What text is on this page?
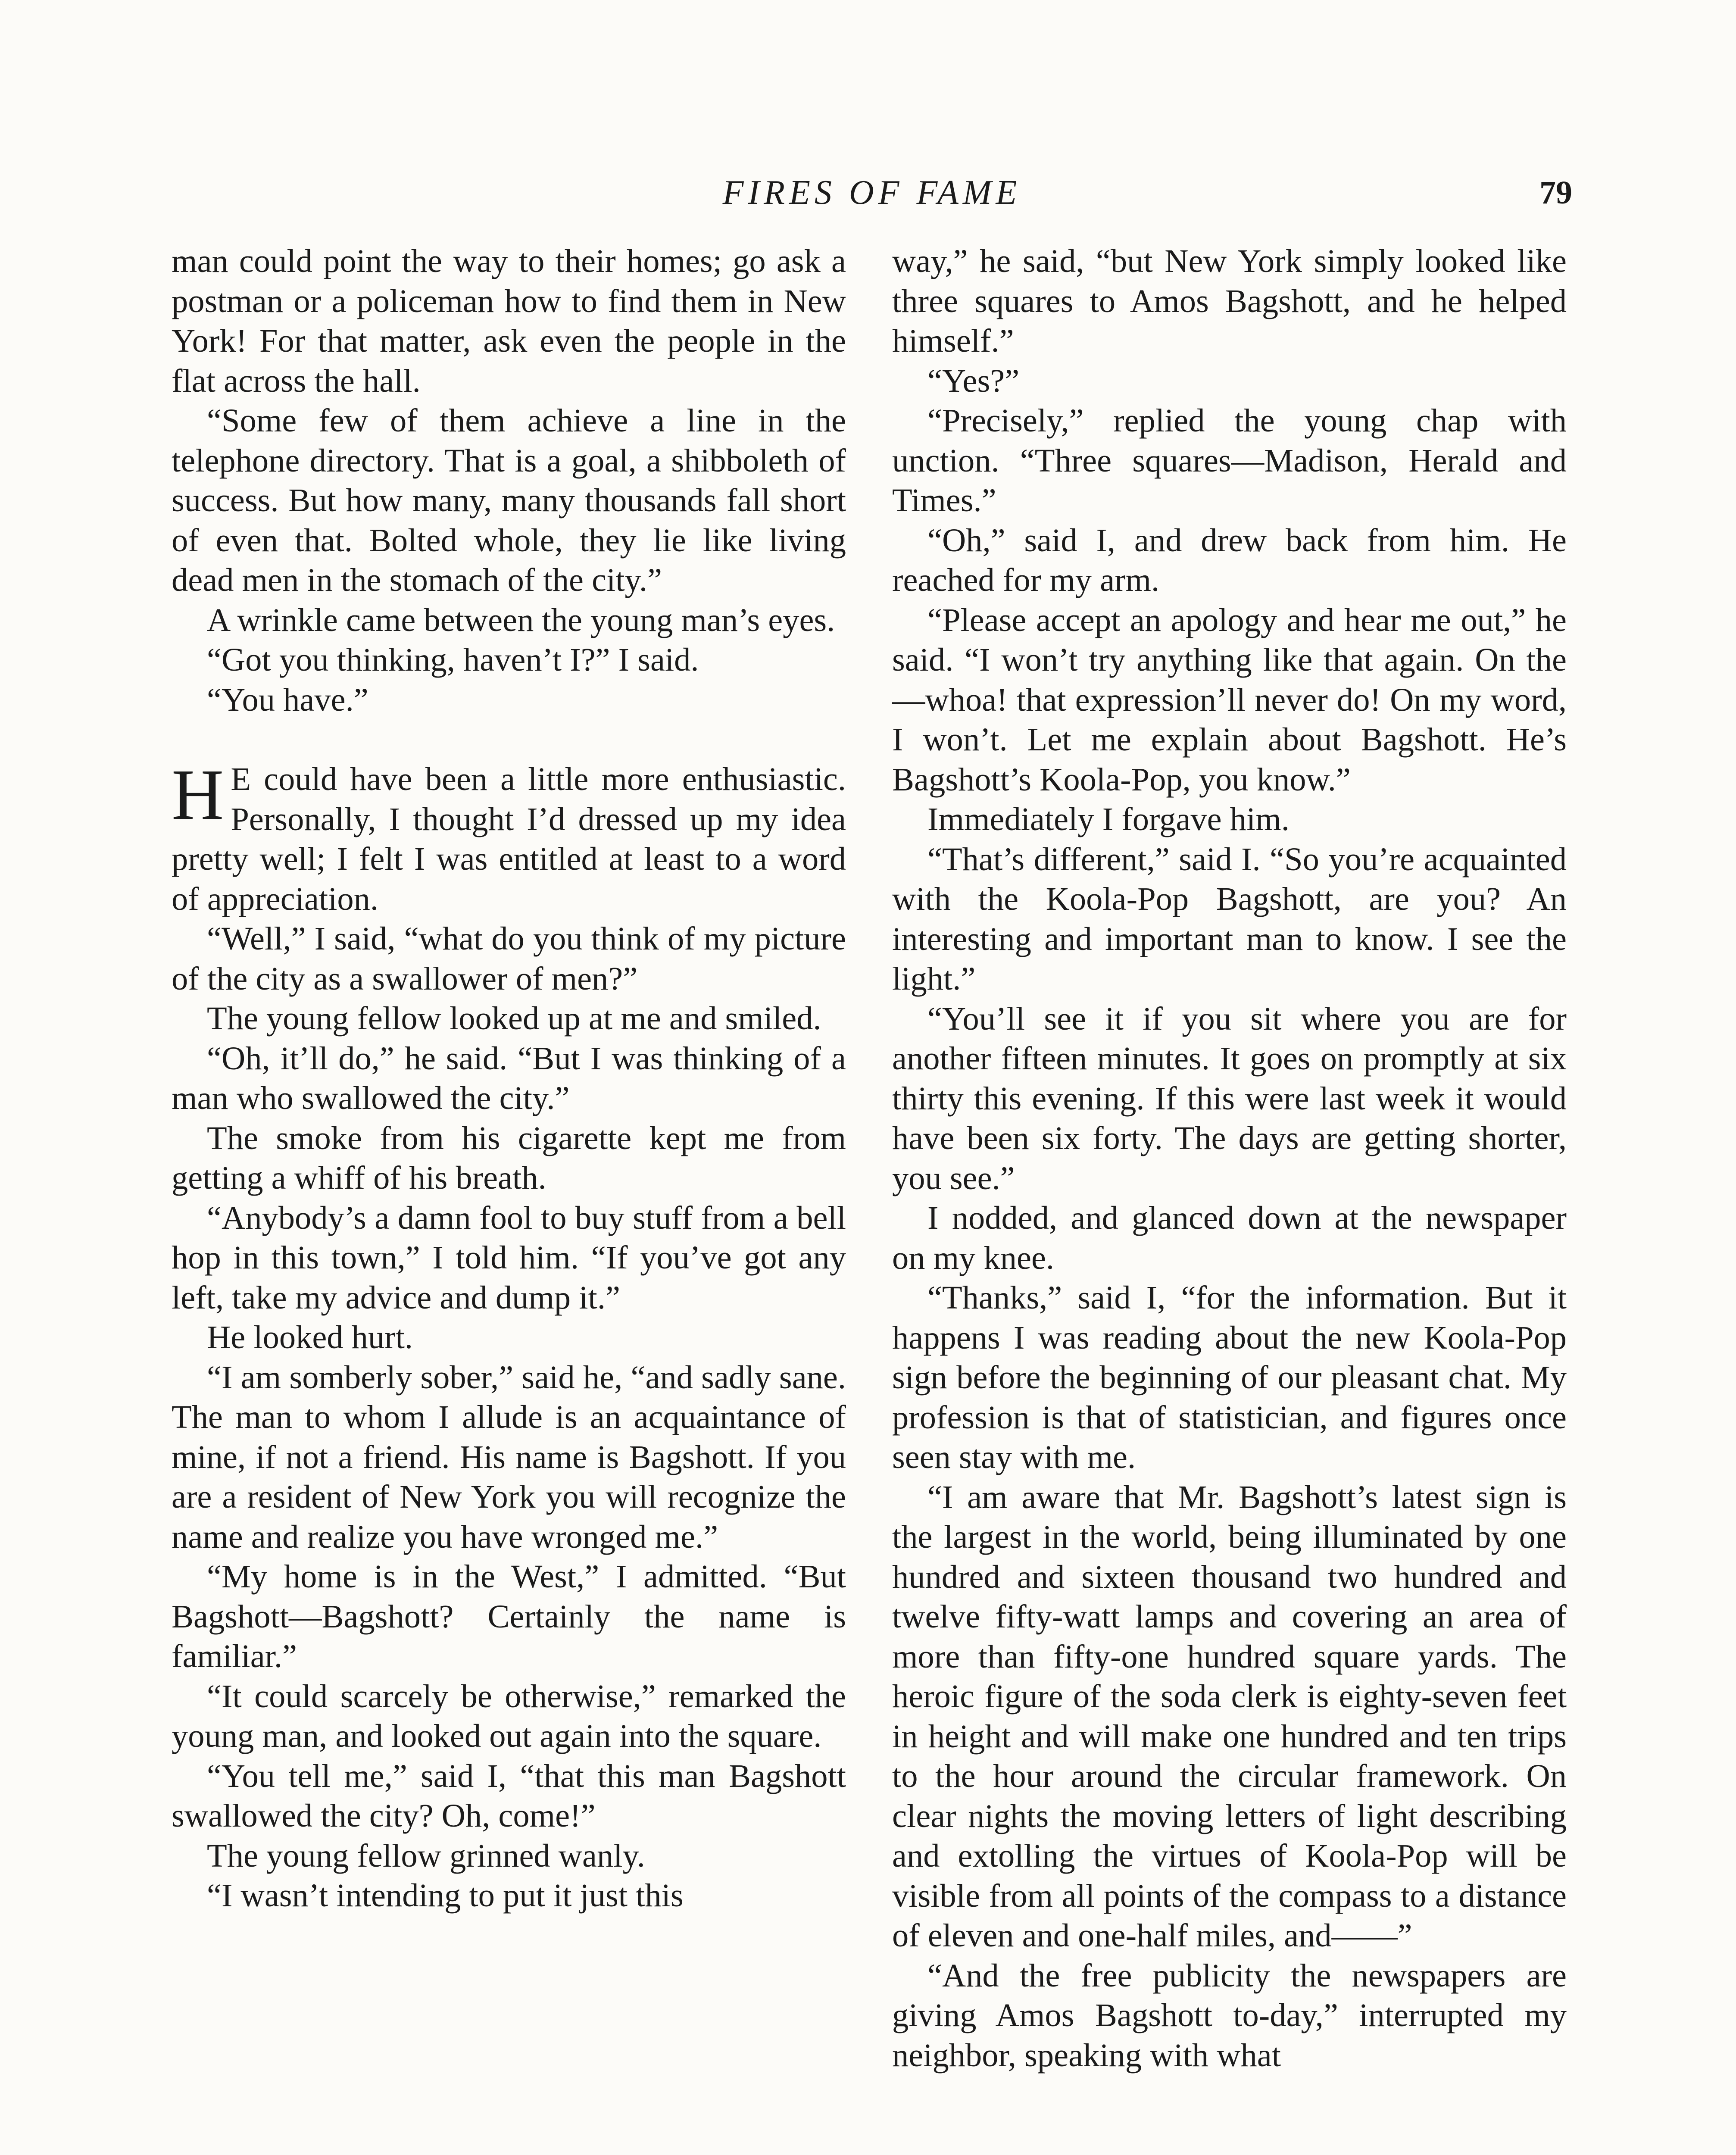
FIRES OF FAME	79

man could point the way to their homes; go ask a postman or a policeman how to find them in New York! For that matter, ask even the people in the flat across the hall.

“Some few of them achieve a line in the telephone directory. That is a goal, a shibboleth of success. But how many, many thousands fall short of even that. Bolted whole, they lie like living dead men in the stomach of the city.”

A wrinkle came between the young man’s eyes.

“Got you thinking, haven’t I?” I said.

“You have.”

H E could have been a little more enthusiastic. Personally, I thought I’d dressed up my idea pretty well; I felt I was entitled at least to a word of appreciation.

“Well,” I said, “what do you think of my picture of the city as a swallower of men?”

The young fellow looked up at me and smiled.

“Oh, it’ll do,” he said. “But I was thinking of a man who swallowed the city.”

The smoke from his cigarette kept me from getting a whiff of his breath.

“Anybody’s a damn fool to buy stuff from a bell hop in this town,” I told him. “If you’ve got any left, take my advice and dump it.”

He looked hurt.

“I am somberly sober,” said he, “and sadly sane. The man to whom I allude is an acquaintance of mine, if not a friend. His name is Bagshott. If you are a resident of New York you will recognize the name and realize you have wronged me.”

“My home is in the West,” I admitted. “But Bagshott—Bagshott? Certainly the name is familiar.”

“It could scarcely be otherwise,” remarked the young man, and looked out again into the square.

“You tell me,” said I, “that this man Bagshott swallowed the city? Oh, come!”

The young fellow grinned wanly.

“I wasn’t intending to put it just this

way,” he said, “but New York simply looked like three squares to Amos Bagshott, and he helped himself.”

“Yes?”

“Precisely,” replied the young chap with unction. “Three squares—Madison, Herald and Times.”

“Oh,” said I, and drew back from him. He reached for my arm.

“Please accept an apology and hear me out,” he said. “I won’t try anything like that again. On the—whoa! that expression’ll never do! On my word, I won’t. Let me explain about Bagshott. He’s Bagshott’s Koola-Pop, you know.”

Immediately I forgave him.

“That’s different,” said I. “So you’re acquainted with the Koola-Pop Bagshott, are you? An interesting and important man to know. I see the light.”

“You’ll see it if you sit where you are for another fifteen minutes. It goes on promptly at six thirty this evening. If this were last week it would have been six forty. The days are getting shorter, you see.”

I nodded, and glanced down at the newspaper on my knee.

“Thanks,” said I, “for the information. But it happens I was reading about the new Koola-Pop sign before the beginning of our pleasant chat. My profession is that of statistician, and figures once seen stay with me.

“I am aware that Mr. Bagshott’s latest sign is the largest in the world, being illuminated by one hundred and sixteen thousand two hundred and twelve fifty-watt lamps and covering an area of more than fifty-one hundred square yards. The heroic figure of the soda clerk is eighty-seven feet in height and will make one hundred and ten trips to the hour around the circular framework. On clear nights the moving letters of light describing and extolling the virtues of Koola-Pop will be visible from all points of the compass to a distance of eleven and one-half miles, and——”

“And the free publicity the newspapers are giving Amos Bagshott to-day,” interrupted my neighbor, speaking with what
